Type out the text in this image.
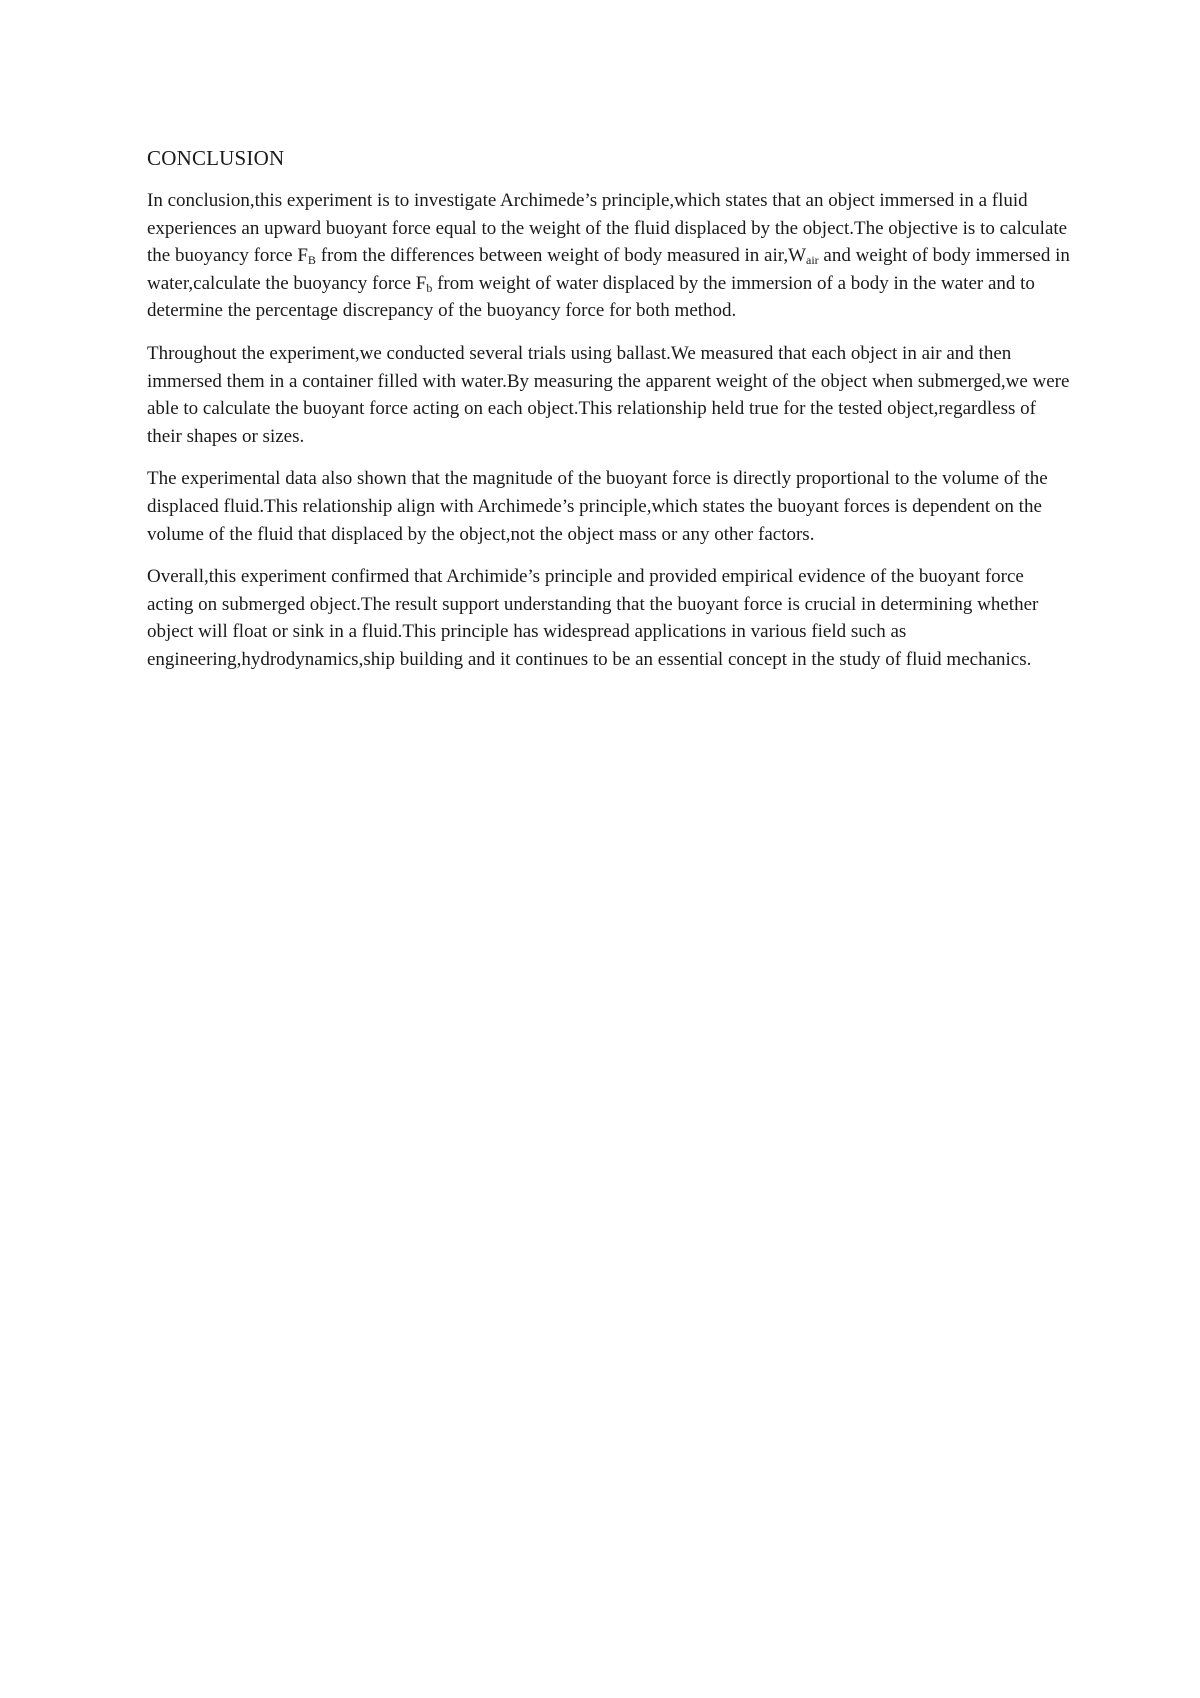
CONCLUSION

In conclusion,this experiment is to investigate Archimede’s principle,which states that an object immersed in a fluid experiences an upward buoyant force equal to the weight of the fluid displaced by the object.The objective is to calculate the buoyancy force $F_B$ from the differences between weight of body measured in $air,W_{air}$ and weight of body immersed in water,calculate the buoyancy force $F_b$ from weight of water displaced by the immersion of a body in the water and to determine the percentage discrepancy of the buoyancy force for both method.

Throughout the experiment,we conducted several trials using ballast.We measured that each object in air and then immersed them in a container filled with water.By measuring the apparent weight of the object when submerged,we were able to calculate the buoyant force acting on each object.This relationship held true for the tested object,regardless of their shapes or sizes.

The experimental data also shown that the magnitude of the buoyant force is directly proportional to the volume of the displaced fluid.This relationship align with Archimede’s principle,which states the buoyant forces is dependent on the volume of the fluid that displaced by the object,not the object mass or any other factors.

Overall,this experiment confirmed that Archimide’s principle and provided empirical evidence of the buoyant force acting on submerged object.The result support understanding that the buoyant force is crucial in determining whether object will float or sink in a fluid.This principle has widespread applications in various field such as engineering,hydrodynamics,ship building and it continues to be an essential concept in the study of fluid mechanics.
